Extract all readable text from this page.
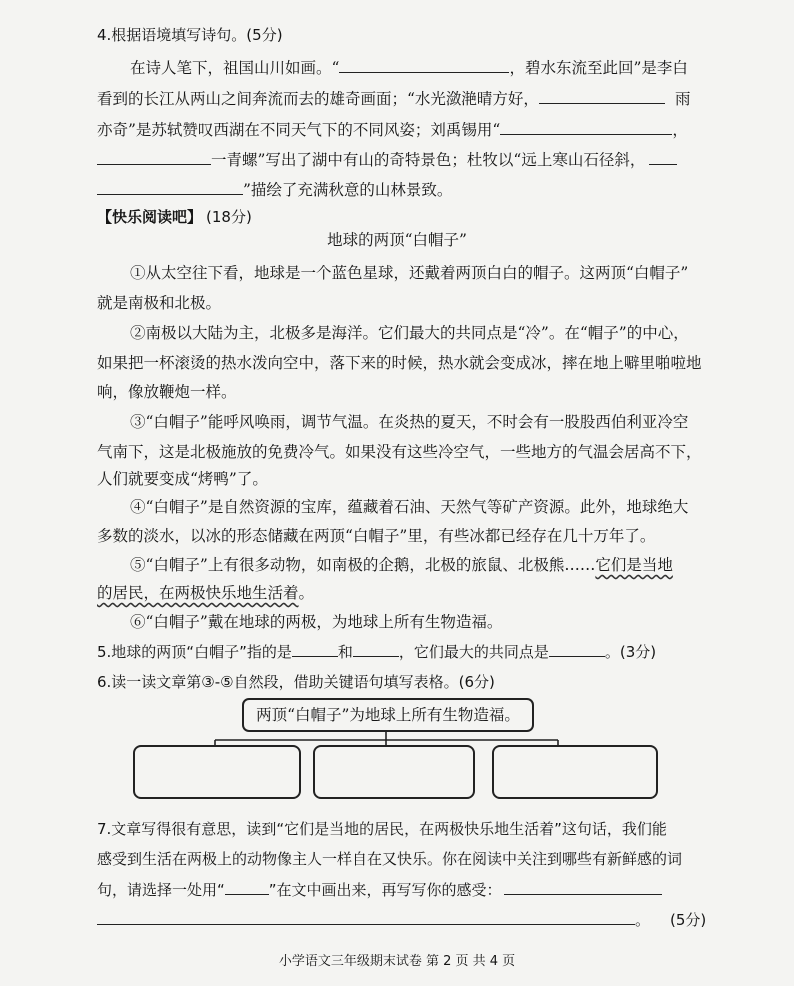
4.根据语境填写诗句。(5分)
在诗人笔下，祖国山川如画。“	，碧水东流至此回”是李白
看到的长江从两山之间奔流而去的雄奇画面；“水光潋滟晴方好，	雨
亦奇”是苏轼赞叹西湖在不同天气下的不同风姿；刘禹锡用“	，
一青螺”写出了湖中有山的奇特景色；杜牧以“远上寒山石径斜，
”描绘了充满秋意的山林景致。
【快乐阅读吧】 (18分)
地球的两顶“白帽子”
①从太空往下看，地球是一个蓝色星球，还戴着两顶白白的帽子。这两顶“白帽子”
就是南极和北极。
②南极以大陆为主，北极多是海洋。它们最大的共同点是“冷”。在“帽子”的中心，
如果把一杯滚烫的热水泼向空中，落下来的时候，热水就会变成冰，摔在地上噼里啪啦地
响，像放鞭炮一样。
③“白帽子”能呼风唤雨，调节气温。在炎热的夏天，不时会有一股股西伯利亚冷空
气南下，这是北极施放的免费冷气。如果没有这些冷空气，一些地方的气温会居高不下，
人们就要变成“烤鸭”了。
④“白帽子”是自然资源的宝库，蕴藏着石油、天然气等矿产资源。此外，地球绝大
多数的淡水，以冰的形态储藏在两顶“白帽子”里，有些冰都已经存在几十万年了。
⑤“白帽子”上有很多动物，如南极的企鹅，北极的旅鼠、北极熊……它们是当地
的居民，在两极快乐地生活着。
⑥“白帽子”戴在地球的两极，为地球上所有生物造福。
5.地球的两顶“白帽子”指的是	和	，它们最大的共同点是	。(3分)
6.读一读文章第③-⑤自然段，借助关键语句填写表格。(6分)
两顶“白帽子”为地球上所有生物造福。
7.文章写得很有意思，读到“它们是当地的居民，在两极快乐地生活着”这句话，我们能
感受到生活在两极上的动物像主人一样自在又快乐。你在阅读中关注到哪些有新鲜感的词
句，请选择一处用“	”在文中画出来，再写写你的感受：
。 (5分)
小学语文三年级期末试卷 第 2 页 共 4 页
